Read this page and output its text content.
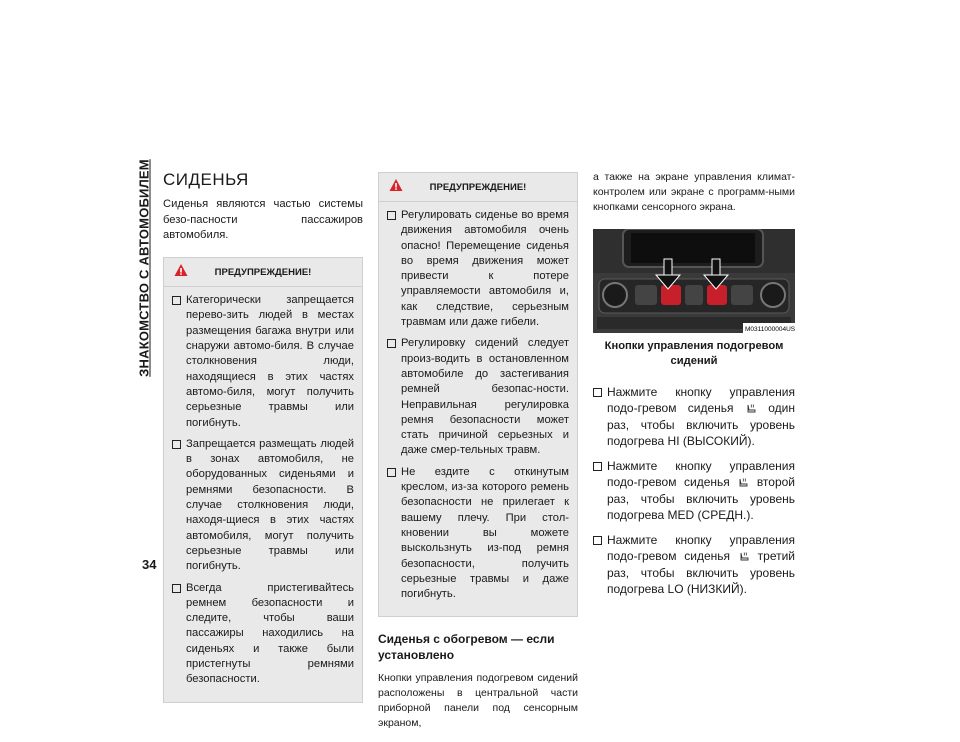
ЗНАКОМСТВО С АВТОМОБИЛЕМ
34
СИДЕНЬЯ

Сиденья являются частью системы безо-пасности пассажиров автомобиля.

ПРЕДУПРЕЖДЕНИЕ!

Категорически запрещается перево-зить людей в местах размещения багажа внутри или снаружи автомо-биля. В случае столкновения люди, находящиеся в этих частях автомо-биля, могут получить серьезные травмы или погибнуть.

Запрещается размещать людей в зонах автомобиля, не оборудованных сиденьями и ремнями безопасности. В случае столкновения люди, находя-щиеся в этих частях автомобиля, могут получить серьезные травмы или погибнуть.

Всегда пристегивайтесь ремнем безопасности и следите, чтобы ваши пассажиры находились на сиденьях и также были пристегнуты ремнями безопасности.

ПРЕДУПРЕЖДЕНИЕ!

Регулировать сиденье во время движения автомобиля очень опасно! Перемещение сиденья во время движения может привести к потере управляемости автомобиля и, как следствие, серьезным травмам или даже гибели.

Регулировку сидений следует произ-водить в остановленном автомобиле до застегивания ремней безопас-ности. Неправильная регулировка ремня безопасности может стать причиной серьезных и даже смер-тельных травм.

Не ездите с откинутым креслом, из-за которого ремень безопасности не прилегает к вашему плечу. При стол-кновении вы можете выскользнуть из-под ремня безопасности, получить серьезные травмы и даже погибнуть.

Сиденья с обогревом — если установлено
Кнопки управления подогревом сидений расположены в центральной части приборной панели под сенсорным экраном,
а также на экране управления климат-контролем или экране с программ-ными кнопками сенсорного экрана.
M0311000004US
Кнопки управления подогревом сидений

Нажмите кнопку управления подо-гревом сиденья	один раз, чтобы включить уровень подогрева HI (ВЫСОКИЙ).

Нажмите кнопку управления подо-гревом сиденья второй раз, чтобы включить уровень подогрева MED (СРЕДН.).

Нажмите кнопку управления подо-гревом сиденья третий раз, чтобы включить уровень подогрева LO (НИЗКИЙ).
